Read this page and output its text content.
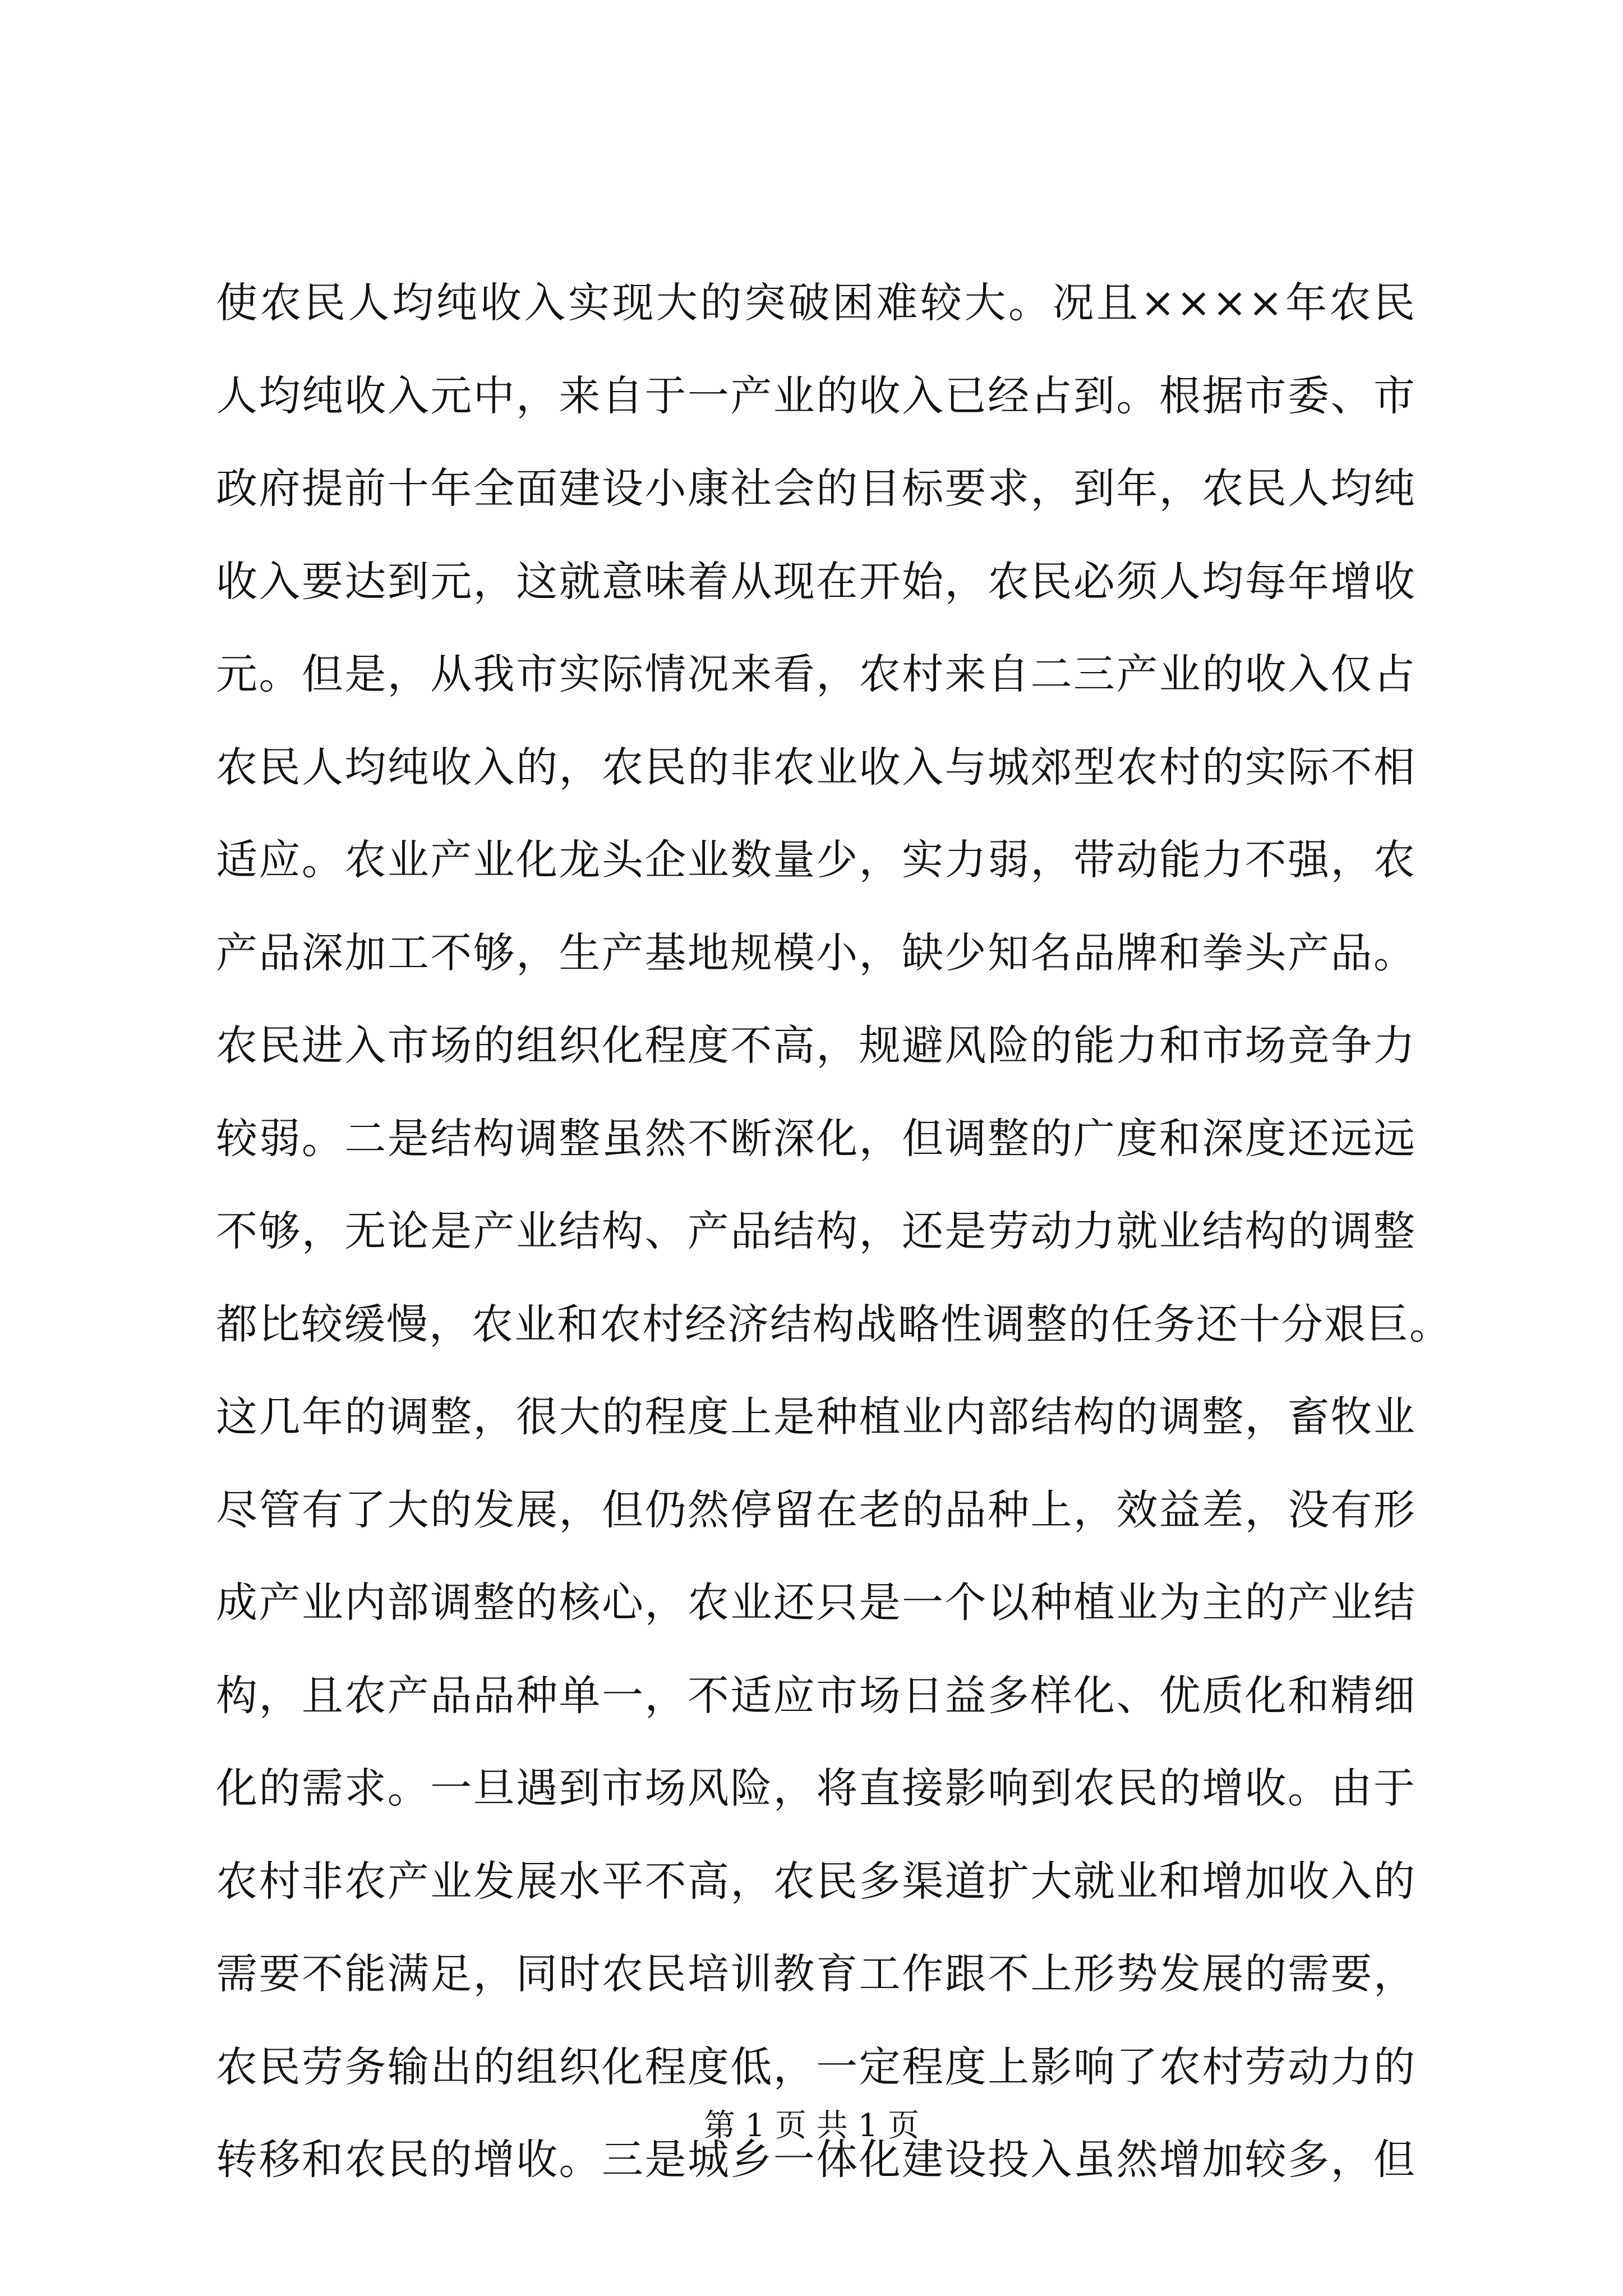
使农民人均纯收入实现大的突破困难较大。况且××××年农民
人均纯收入元中，来自于一产业的收入已经占到。根据市委、市
政府提前十年全面建设小康社会的目标要求，到年，农民人均纯
收入要达到元，这就意味着从现在开始，农民必须人均每年增收
元。但是，从我市实际情况来看，农村来自二三产业的收入仅占
农民人均纯收入的，农民的非农业收入与城郊型农村的实际不相
适应。农业产业化龙头企业数量少，实力弱，带动能力不强，农
产品深加工不够，生产基地规模小，缺少知名品牌和拳头产品。
农民进入市场的组织化程度不高，规避风险的能力和市场竞争力
较弱。二是结构调整虽然不断深化，但调整的广度和深度还远远
不够，无论是产业结构、产品结构，还是劳动力就业结构的调整
都比较缓慢，农业和农村经济结构战略性调整的任务还十分艰巨。
这几年的调整，很大的程度上是种植业内部结构的调整，畜牧业
尽管有了大的发展，但仍然停留在老的品种上，效益差，没有形
成产业内部调整的核心，农业还只是一个以种植业为主的产业结
构，且农产品品种单一，不适应市场日益多样化、优质化和精细
化的需求。一旦遇到市场风险，将直接影响到农民的增收。由于
农村非农产业发展水平不高，农民多渠道扩大就业和增加收入的
需要不能满足，同时农民培训教育工作跟不上形势发展的需要，
农民劳务输出的组织化程度低，一定程度上影响了农村劳动力的
转移和农民的增收。三是城乡一体化建设投入虽然增加较多，但
第 1 页 共 1 页
